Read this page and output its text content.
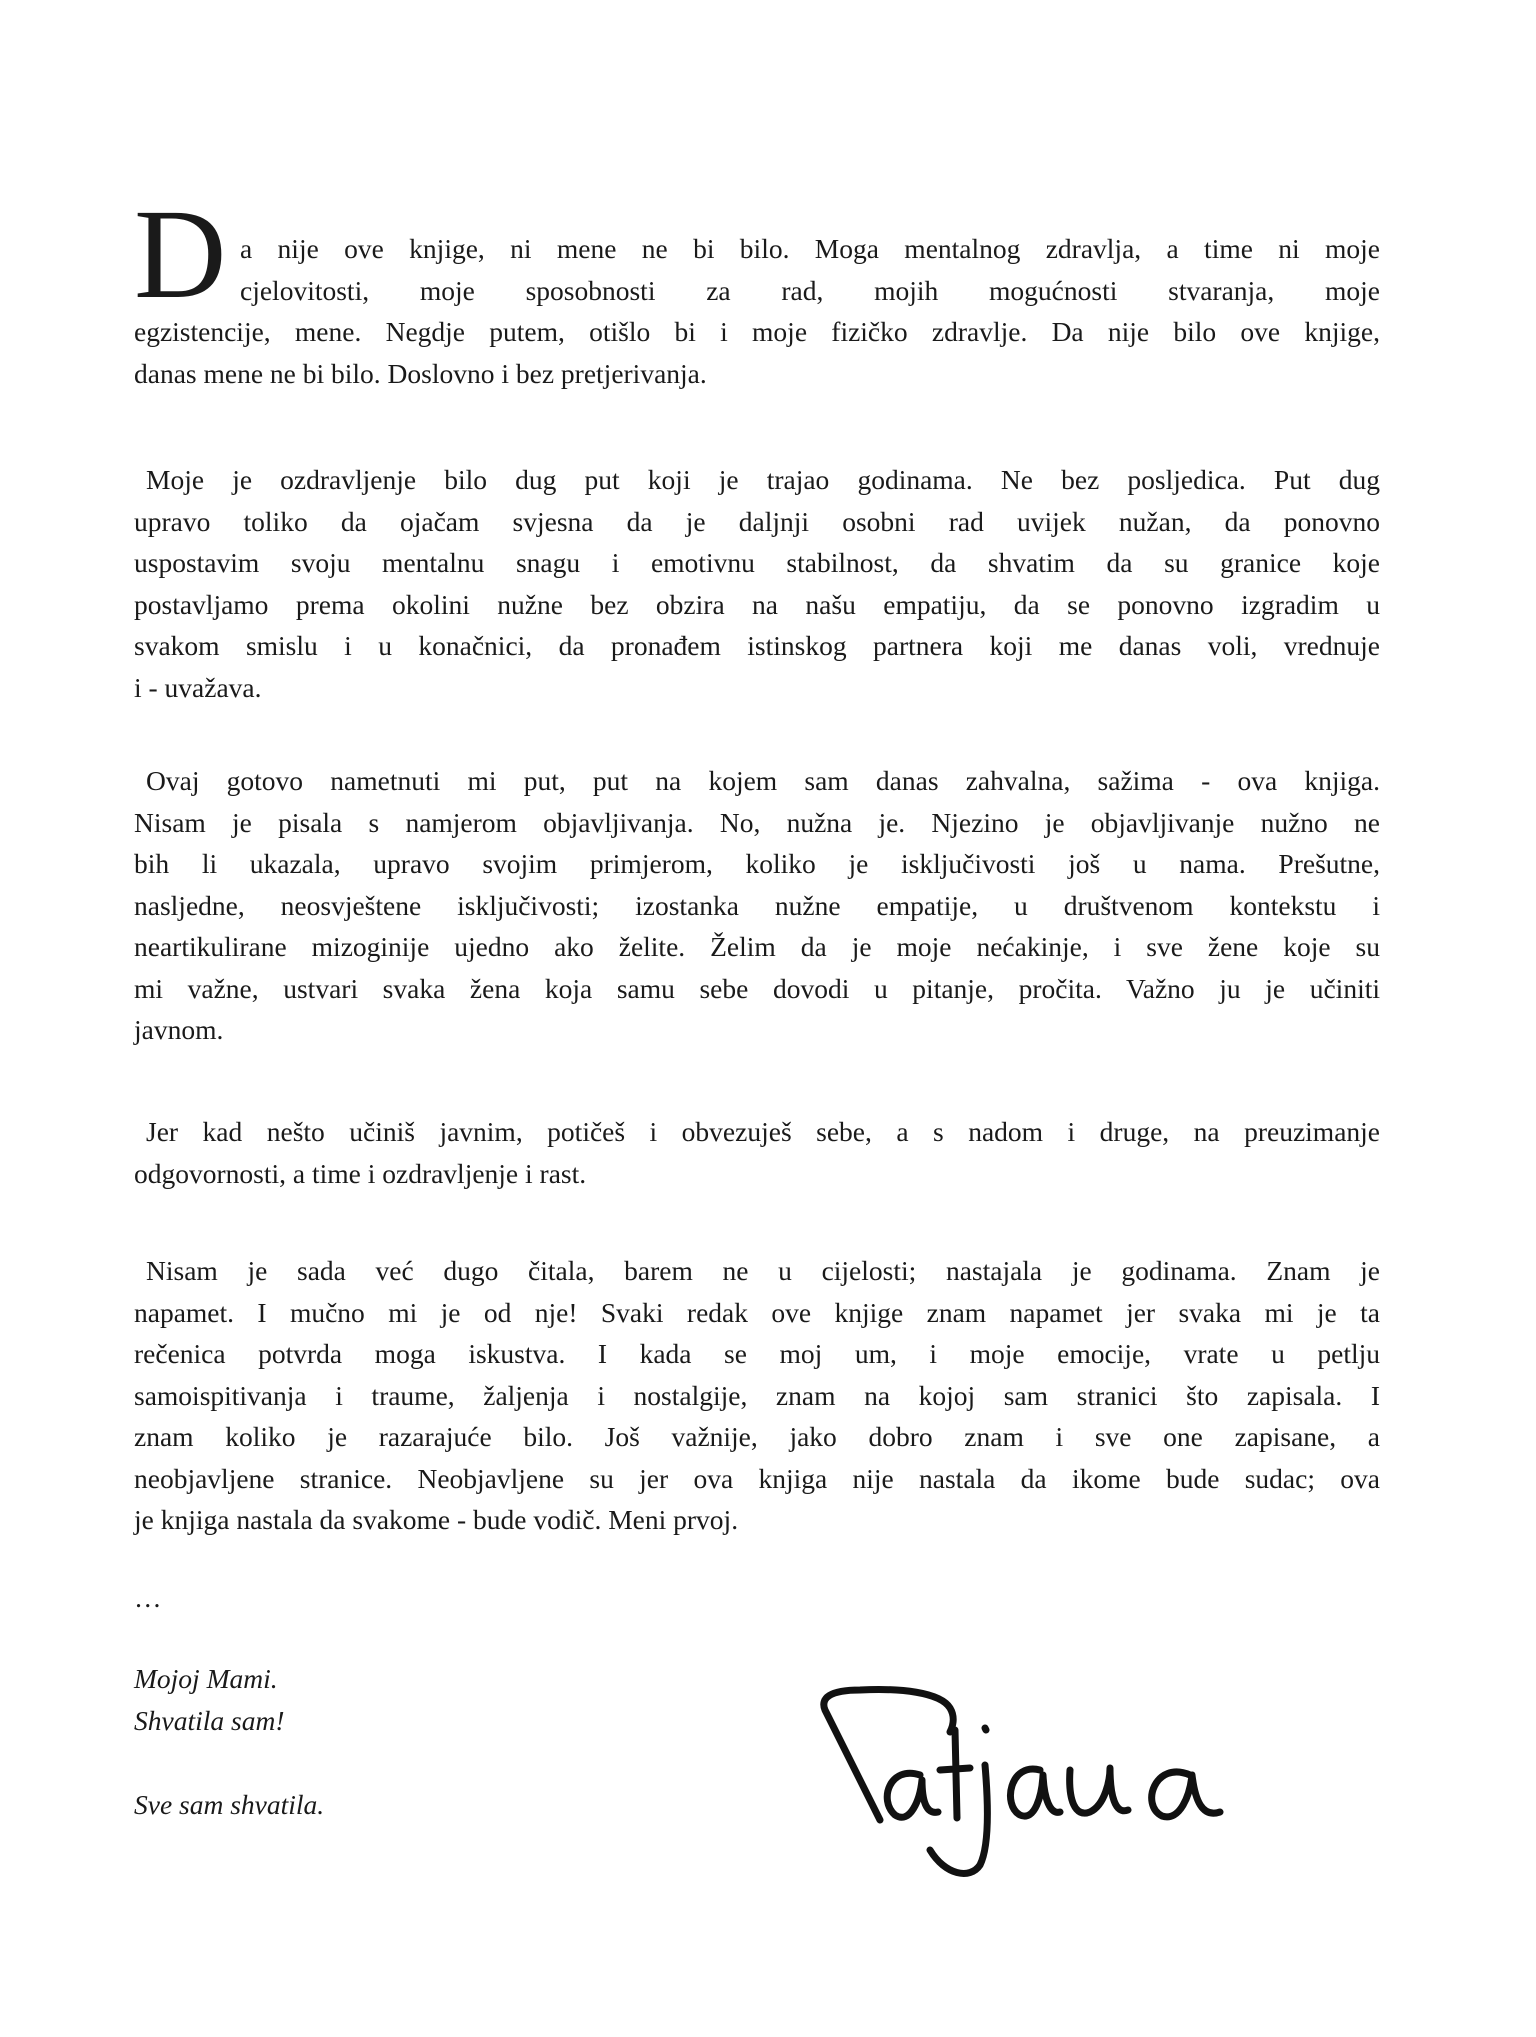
D a nije ove knjige, ni mene ne bi bilo. Moga mentalnog zdravlja, a time ni moje
cjelovitosti, moje sposobnosti za rad, mojih mogućnosti stvaranja, moje
egzistencije, mene. Negdje putem, otišlo bi i moje fizičko zdravlje. Da nije bilo ove knjige,
danas mene ne bi bilo. Doslovno i bez pretjerivanja.
Moje je ozdravljenje bilo dug put koji je trajao godinama. Ne bez posljedica. Put dug
upravo toliko da ojačam svjesna da je daljnji osobni rad uvijek nužan, da ponovno
uspostavim svoju mentalnu snagu i emotivnu stabilnost, da shvatim da su granice koje
postavljamo prema okolini nužne bez obzira na našu empatiju, da se ponovno izgradim u
svakom smislu i u konačnici, da pronađem istinskog partnera koji me danas voli, vrednuje
i - uvažava.
Ovaj gotovo nametnuti mi put, put na kojem sam danas zahvalna, sažima - ova knjiga.
Nisam je pisala s namjerom objavljivanja. No, nužna je. Njezino je objavljivanje nužno ne
bih li ukazala, upravo svojim primjerom, koliko je isključivosti još u nama. Prešutne,
nasljedne, neosvještene isključivosti; izostanka nužne empatije, u društvenom kontekstu i
neartikulirane mizoginije ujedno ako želite. Želim da je moje nećakinje, i sve žene koje su
mi važne, ustvari svaka žena koja samu sebe dovodi u pitanje, pročita. Važno ju je učiniti
javnom.
Jer kad nešto učiniš javnim, potičeš i obvezuješ sebe, a s nadom i druge, na preuzimanje
odgovornosti, a time i ozdravljenje i rast.
Nisam je sada već dugo čitala, barem ne u cijelosti; nastajala je godinama. Znam je
napamet. I mučno mi je od nje! Svaki redak ove knjige znam napamet jer svaka mi je ta
rečenica potvrda moga iskustva. I kada se moj um, i moje emocije, vrate u petlju
samoispitivanja i traume, žaljenja i nostalgije, znam na kojoj sam stranici što zapisala. I
znam koliko je razarajuće bilo. Još važnije, jako dobro znam i sve one zapisane, a
neobjavljene stranice. Neobjavljene su jer ova knjiga nije nastala da ikome bude sudac; ova
je knjiga nastala da svakome - bude vodič. Meni prvoj.
…
Mojoj Mami.
Shvatila sam!
Sve sam shvatila.
